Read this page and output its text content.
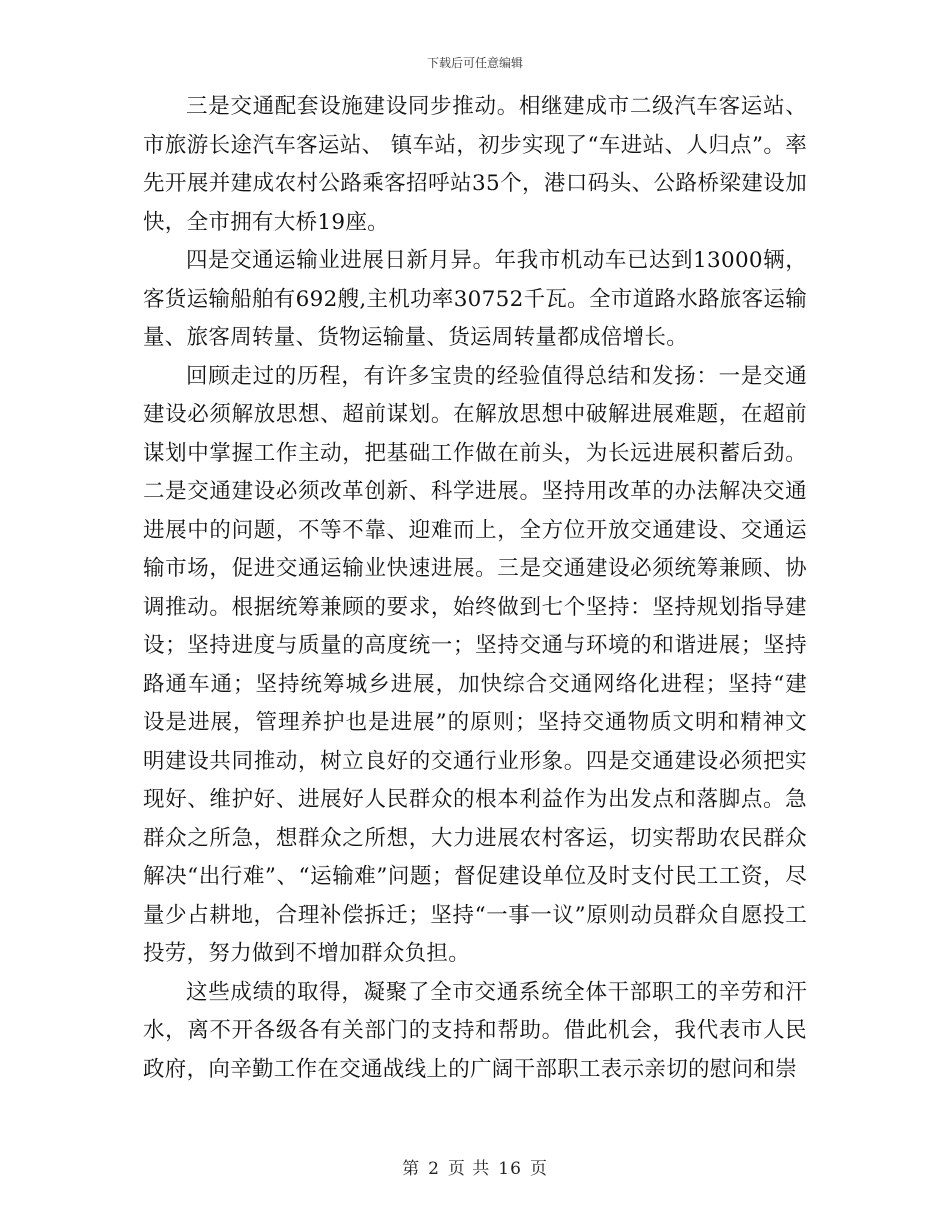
下载后可任意编辑

三是交通配套设施建设同步推动。相继建成市二级汽车客运站、市旅游长途汽车客运站、 镇车站，初步实现了“车进站、人归点”。率先开展并建成农村公路乘客招呼站35个，港口码头、公路桥梁建设加快，全市拥有大桥19座。

四是交通运输业进展日新月异。年我市机动车已达到13000辆，客货运输船舶有692艘,主机功率30752千瓦。全市道路水路旅客运输量、旅客周转量、货物运输量、货运周转量都成倍增长。

回顾走过的历程，有许多宝贵的经验值得总结和发扬：一是交通建设必须解放思想、超前谋划。在解放思想中破解进展难题，在超前谋划中掌握工作主动，把基础工作做在前头，为长远进展积蓄后劲。二是交通建设必须改革创新、科学进展。坚持用改革的办法解决交通进展中的问题，不等不靠、迎难而上，全方位开放交通建设、交通运输市场，促进交通运输业快速进展。三是交通建设必须统筹兼顾、协调推动。根据统筹兼顾的要求，始终做到七个坚持：坚持规划指导建设；坚持进度与质量的高度统一；坚持交通与环境的和谐进展；坚持路通车通；坚持统筹城乡进展，加快综合交通网络化进程；坚持“建设是进展，管理养护也是进展”的原则；坚持交通物质文明和精神文明建设共同推动，树立良好的交通行业形象。四是交通建设必须把实现好、维护好、进展好人民群众的根本利益作为出发点和落脚点。急群众之所急，想群众之所想，大力进展农村客运，切实帮助农民群众解决“出行难”、“运输难”问题；督促建设单位及时支付民工工资，尽量少占耕地，合理补偿拆迁；坚持“一事一议”原则动员群众自愿投工投劳，努力做到不增加群众负担。

这些成绩的取得，凝聚了全市交通系统全体干部职工的辛劳和汗水，离不开各级各有关部门的支持和帮助。借此机会，我代表市人民政府，向辛勤工作在交通战线上的广阔干部职工表示亲切的慰问和崇

第 2 页 共 16 页
